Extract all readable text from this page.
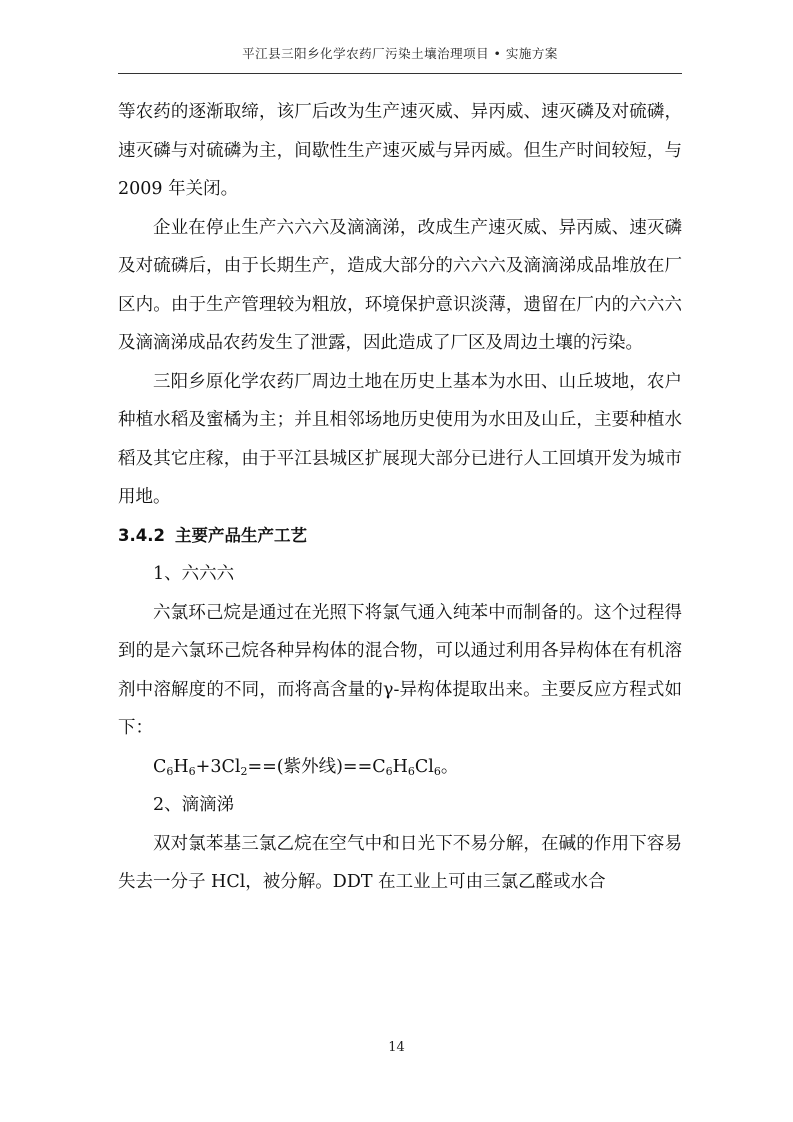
平江县三阳乡化学农药厂污染土壤治理项目 • 实施方案

等农药的逐渐取缔，该厂后改为生产速灭威、异丙威、速灭磷及对硫磷，速灭磷与对硫磷为主，间歇性生产速灭威与异丙威。但生产时间较短，与 2009 年关闭。

企业在停止生产六六六及滴滴涕，改成生产速灭威、异丙威、速灭磷及对硫磷后，由于长期生产，造成大部分的六六六及滴滴涕成品堆放在厂区内。由于生产管理较为粗放，环境保护意识淡薄，遗留在厂内的六六六及滴滴涕成品农药发生了泄露，因此造成了厂区及周边土壤的污染。

三阳乡原化学农药厂周边土地在历史上基本为水田、山丘坡地，农户种植水稻及蜜橘为主；并且相邻场地历史使用为水田及山丘，主要种植水稻及其它庄稼，由于平江县城区扩展现大部分已进行人工回填开发为城市用地。

3.4.2 主要产品生产工艺

1、六六六

六氯环己烷是通过在光照下将氯气通入纯苯中而制备的。这个过程得到的是六氯环己烷各种异构体的混合物，可以通过利用各异构体在有机溶剂中溶解度的不同，而将高含量的γ-异构体提取出来。主要反应方程式如下：

$C_6H_6+3Cl_2==$(紫外线)$==C_6H_6Cl_6$。

2、滴滴涕

双对氯苯基三氯乙烷在空气中和日光下不易分解，在碱的作用下容易失去一分子 HCl，被分解。DDT 在工业上可由三氯乙醛或水合

14
